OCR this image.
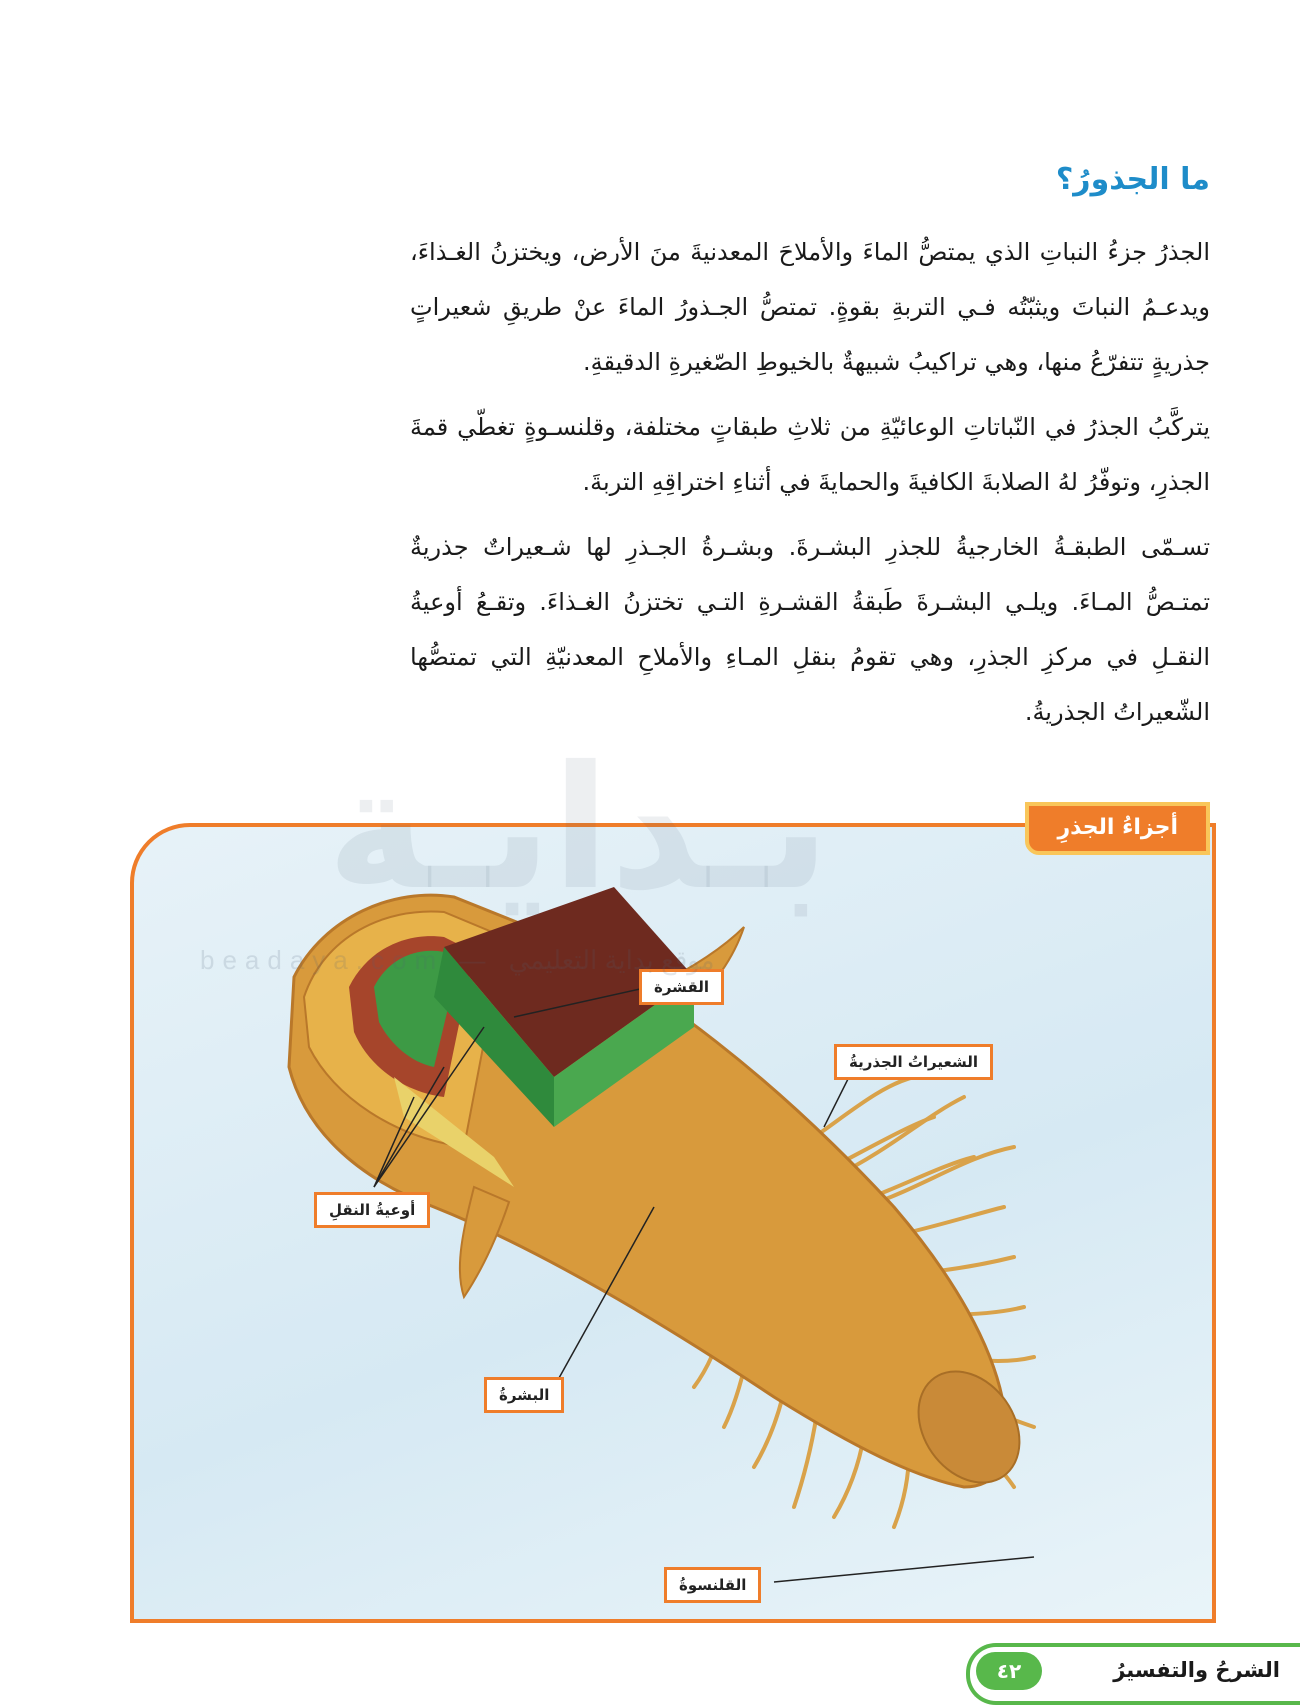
ما الجذورُ؟

الجذرُ جزءُ النباتِ الذي يمتصُّ الماءَ والأملاحَ المعدنيةَ منَ الأرض، ويختزنُ الغـذاءَ، ويدعـمُ النباتَ ويثبّتُه فـي التربةِ بقوةٍ. تمتصُّ الجـذورُ الماءَ عنْ طريقِ شعيراتٍ جذريةٍ تتفرّعُ منها، وهي تراكيبُ شبيهةٌ بالخيوطِ الصّغيرةِ الدقيقةِ.

يتركَّبُ الجذرُ في النّباتاتِ الوعائيّةِ من ثلاثِ طبقاتٍ مختلفة، وقلنسـوةٍ تغطّي قمةَ الجذرِ، وتوفّرُ لهُ الصلابةَ الكافيةَ والحمايةَ في أثناءِ اختراقِهِ التربةَ.

تسـمّى الطبقـةُ الخارجيةُ للجذرِ البشـرةَ. وبشـرةُ الجـذرِ لها شـعيراتٌ جذريةٌ تمتـصُّ المـاءَ. ويلـي البشـرةَ طَبقةُ القشـرةِ التـي تختزنُ الغـذاءَ. وتقـعُ أوعيةُ النقـلِ في مركزِ الجذرِ، وهي تقومُ بنقلِ المـاءِ والأملاحِ المعدنيّةِ التي تمتصُّها الشّعيراتُ الجذريةُ.

القشرة
الشعيراتُ الجذريةُ
أوعيةُ النقلِ
البشرةُ
القلنسوةُ
أجزاءُ الجذرِ
بـدايـة
beadaya.com — موقع بداية التعليمي
الشرحُ والتفسيرُ
٤٢
